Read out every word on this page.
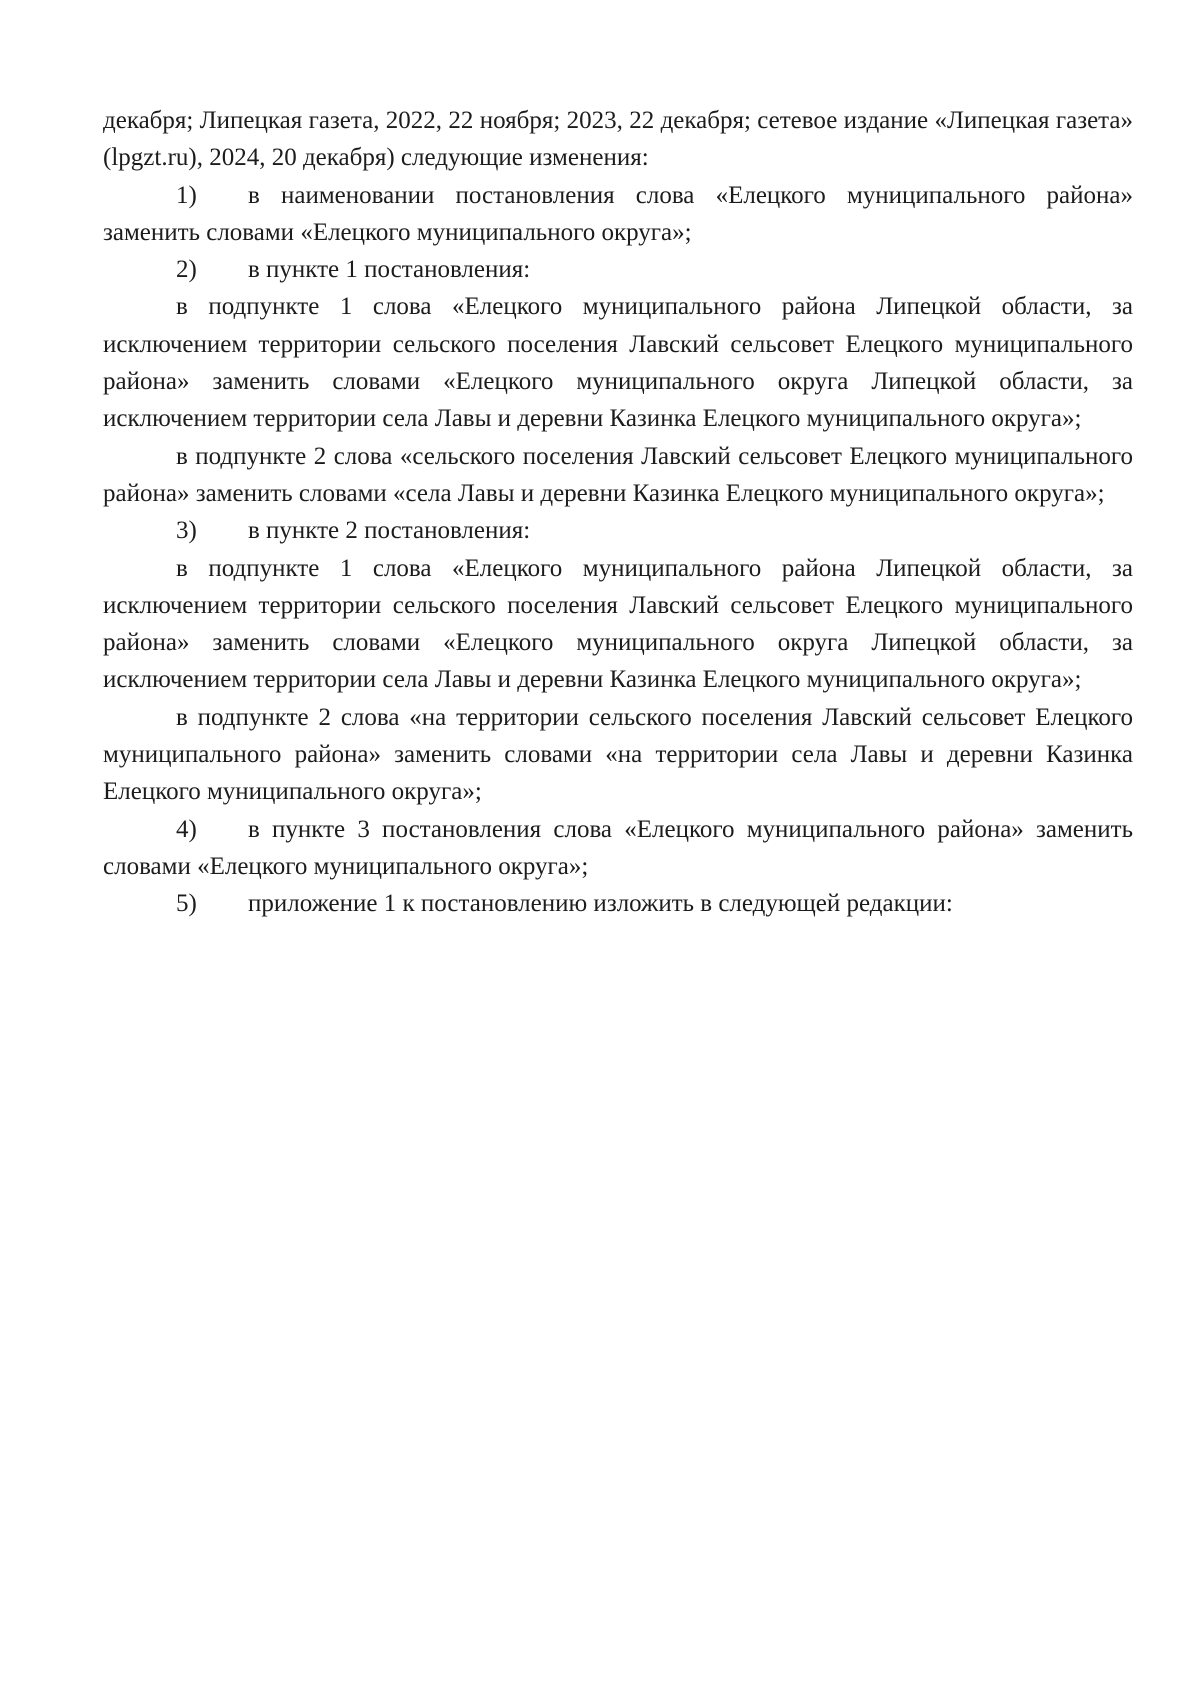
декабря; Липецкая газета, 2022, 22 ноября; 2023, 22 декабря; сетевое издание «Липецкая газета» (lpgzt.ru), 2024, 20 декабря) следующие изменения:

1) в наименовании постановления слова «Елецкого муниципального района» заменить словами «Елецкого муниципального округа»;

2) в пункте 1 постановления:

в подпункте 1 слова «Елецкого муниципального района Липецкой области, за исключением территории сельского поселения Лавский сельсовет Елецкого муниципального района» заменить словами «Елецкого муниципального округа Липецкой области, за исключением территории села Лавы и деревни Казинка Елецкого муниципального округа»;

в подпункте 2 слова «сельского поселения Лавский сельсовет Елецкого муниципального района» заменить словами «села Лавы и деревни Казинка Елецкого муниципального округа»;

3) в пункте 2 постановления:

в подпункте 1 слова «Елецкого муниципального района Липецкой области, за исключением территории сельского поселения Лавский сельсовет Елецкого муниципального района» заменить словами «Елецкого муниципального округа Липецкой области, за исключением территории села Лавы и деревни Казинка Елецкого муниципального округа»;

в подпункте 2 слова «на территории сельского поселения Лавский сельсовет Елецкого муниципального района» заменить словами «на территории села Лавы и деревни Казинка Елецкого муниципального округа»;

4) в пункте 3 постановления слова «Елецкого муниципального района» заменить словами «Елецкого муниципального округа»;

5) приложение 1 к постановлению изложить в следующей редакции:
